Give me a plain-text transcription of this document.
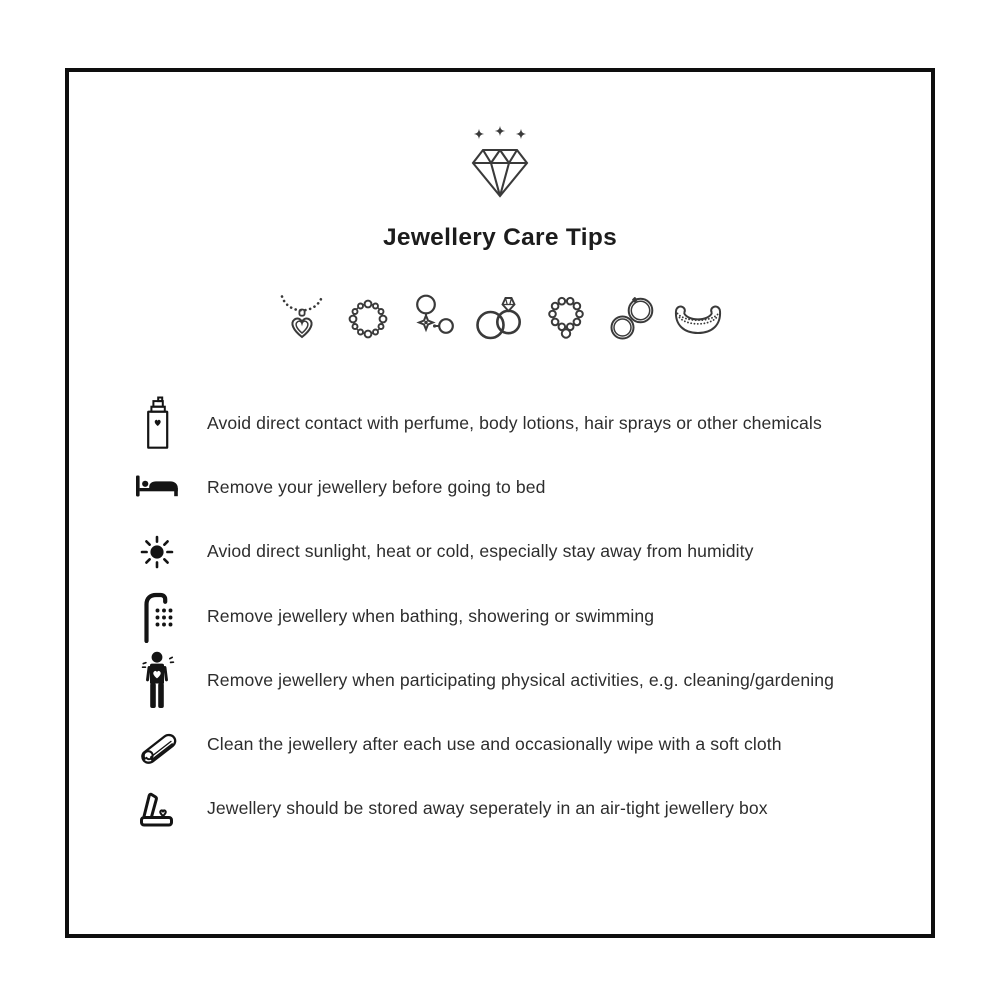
Jewellery Care Tips

Avoid direct contact with perfume, body lotions, hair sprays or other chemicals

Remove your jewellery before going to bed

Aviod direct sunlight, heat or cold, especially stay away from humidity

Remove jewellery when bathing, showering or swimming

Remove jewellery when participating physical activities, e.g. cleaning/gardening

Clean the jewellery after each use and occasionally wipe with a soft cloth

Jewellery should be stored away seperately in an air-tight jewellery box
